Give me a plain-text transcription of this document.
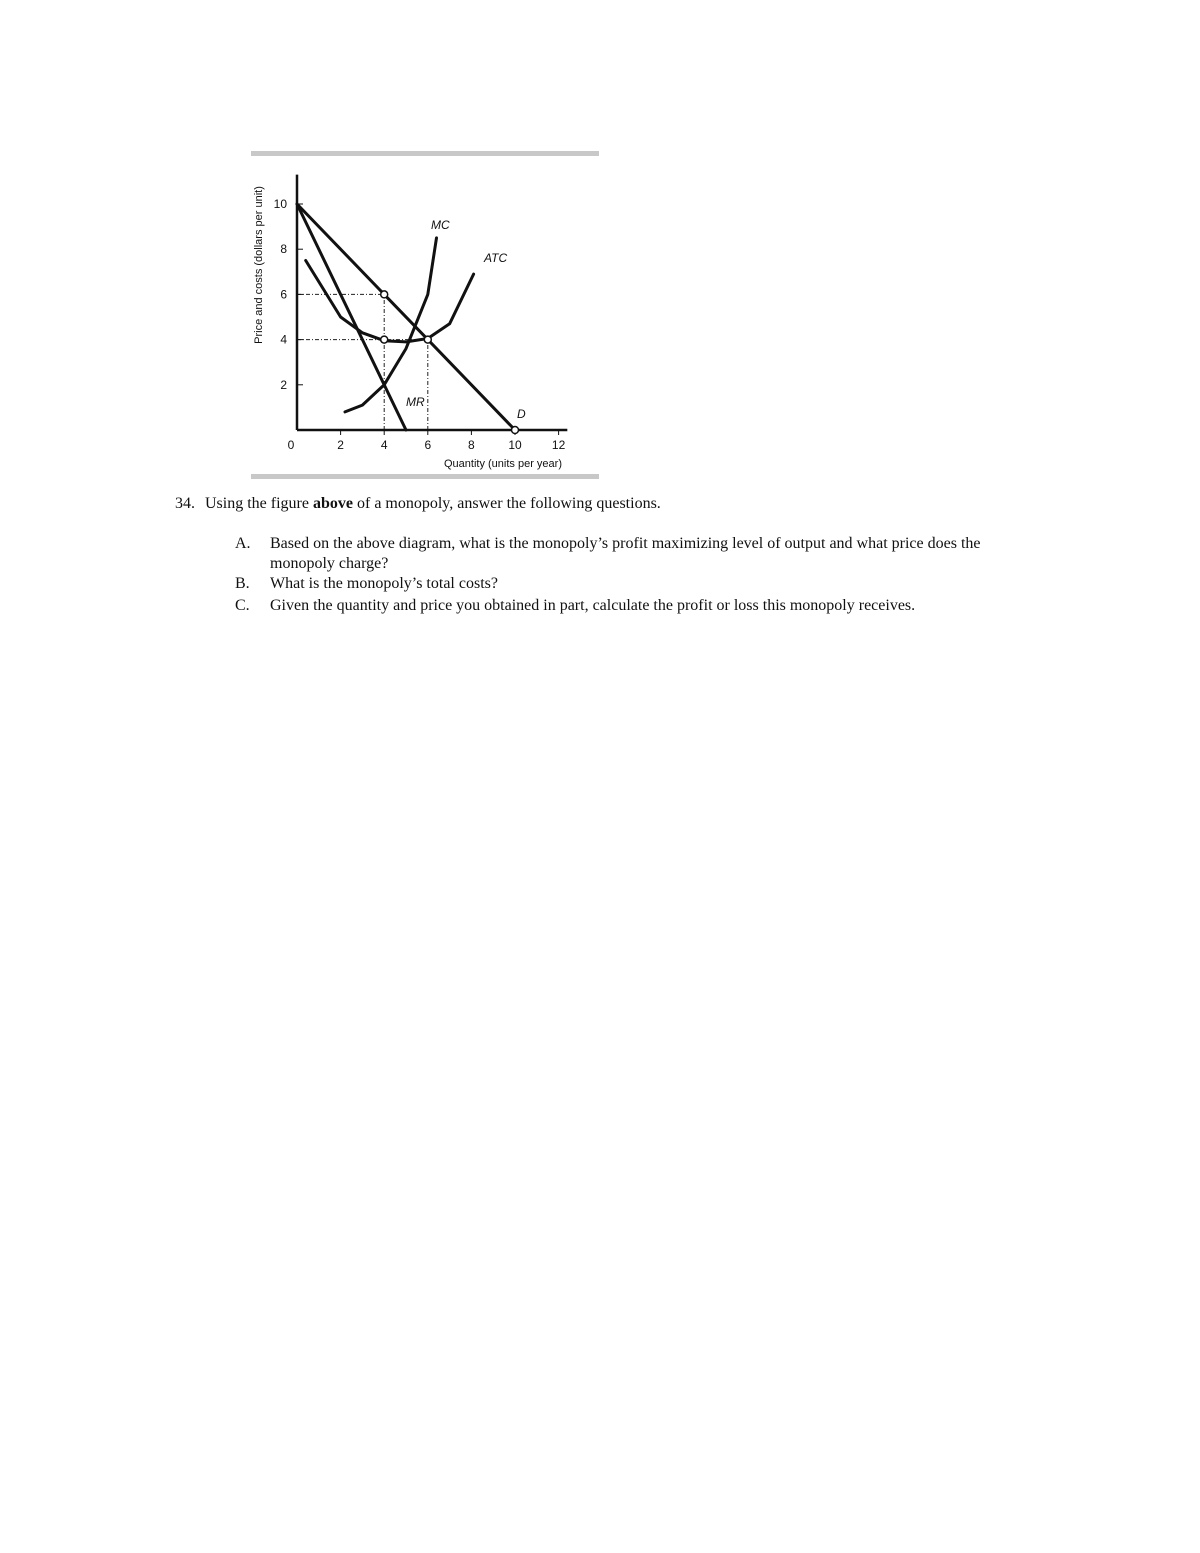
0	2	4	6	8	10	12
2
4
6
8
10
Price and costs (dollars per unit)
Quantity (units per year)
MC
ATC
MR
D
34. Using the figure above of a monopoly, answer the following questions.
A.	Based on the above diagram, what is the monopoly’s profit maximizing level of output and what price does the monopoly charge?
B.	What is the monopoly’s total costs?
C.	Given the quantity and price you obtained in part, calculate the profit or loss this monopoly receives.
